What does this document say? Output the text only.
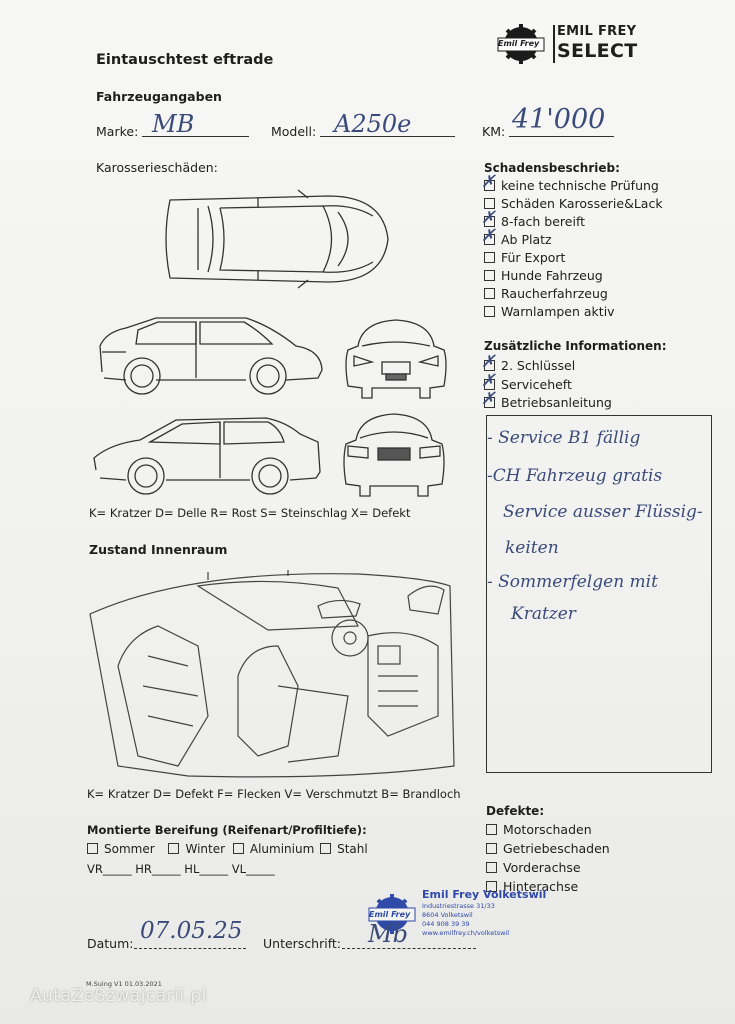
Eintauschtest eftrade
Emil Frey
EMIL FREY
SELECT
Fahrzeugangaben
Marke: MB	Modell: A250e	KM: 41'000
Karosserieschäden:
K= Kratzer D= Delle R= Rost S= Steinschlag X= Defekt
Zustand Innenraum
K= Kratzer D= Defekt F= Flecken V= Verschmutzt B= Brandloch
Schadensbeschrieb:
✗ keine technische Prüfung
Schäden Karosserie&Lack
✗ 8-fach bereift
✗ Ab Platz
Für Export
Hunde Fahrzeug
Raucherfahrzeug
Warnlampen aktiv
Zusätzliche Informationen:
✗ 2. Schlüssel
✗ Serviceheft
✗ Betriebsanleitung
- Service B1 fällig
-CH Fahrzeug gratis
Service ausser Flüssig-
keiten
- Sommerfelgen mit
Kratzer
Montierte Bereifung (Reifenart/Profiltiefe):
Sommer	Winter Aluminium Stahl
VR_____ HR_____ HL_____ VL_____
Defekte:
Motorschaden
Getriebeschaden
Vorderachse
Hinterachse
Emil Frey
Emil Frey Volketswil
Industriestrasse 31/33
8604 Volketswil
044 908 39 39
www.emilfrey.ch/volketswil
Datum: 07.05.25 Unterschrift: Mb
M.Suing V1 01.03.2021
AutaZeSzwajcarii.pl
